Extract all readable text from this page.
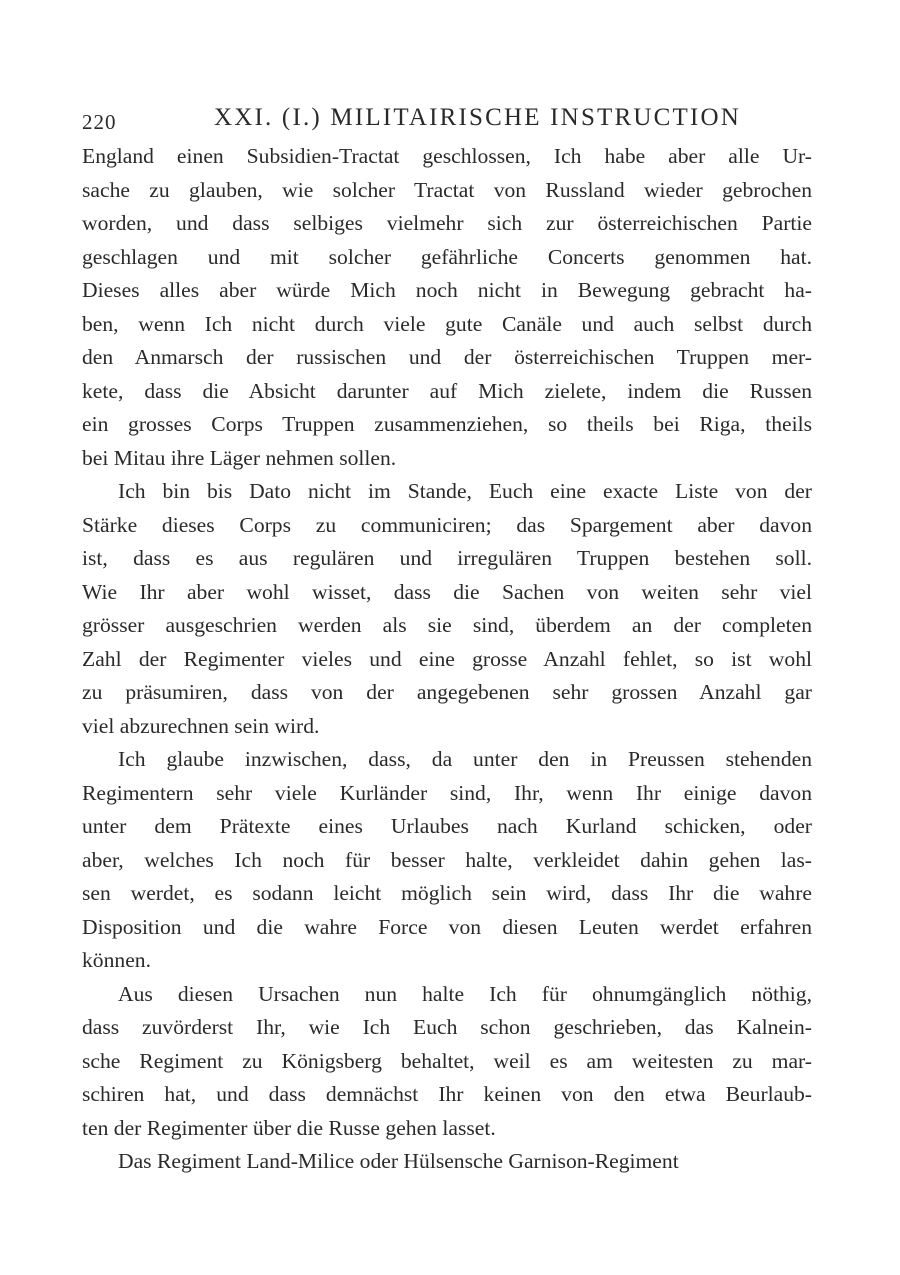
220	XXI. (I.) MILITAIRISCHE INSTRUCTION
England einen Subsidien-Tractat geschlossen, Ich habe aber alle Ur-
sache zu glauben, wie solcher Tractat von Russland wieder gebrochen
worden, und dass selbiges vielmehr sich zur österreichischen Partie
geschlagen und mit solcher gefährliche Concerts genommen hat.
Dieses alles aber würde Mich noch nicht in Bewegung gebracht ha-
ben, wenn Ich nicht durch viele gute Canäle und auch selbst durch
den Anmarsch der russischen und der österreichischen Truppen mer-
kete, dass die Absicht darunter auf Mich zielete, indem die Russen
ein grosses Corps Truppen zusammenziehen, so theils bei Riga, theils
bei Mitau ihre Läger nehmen sollen.
Ich bin bis Dato nicht im Stande, Euch eine exacte Liste von der
Stärke dieses Corps zu communiciren; das Spargement aber davon
ist, dass es aus regulären und irregulären Truppen bestehen soll.
Wie Ihr aber wohl wisset, dass die Sachen von weiten sehr viel
grösser ausgeschrien werden als sie sind, überdem an der completen
Zahl der Regimenter vieles und eine grosse Anzahl fehlet, so ist wohl
zu präsumiren, dass von der angegebenen sehr grossen Anzahl gar
viel abzurechnen sein wird.
Ich glaube inzwischen, dass, da unter den in Preussen stehenden
Regimentern sehr viele Kurländer sind, Ihr, wenn Ihr einige davon
unter dem Prätexte eines Urlaubes nach Kurland schicken, oder
aber, welches Ich noch für besser halte, verkleidet dahin gehen las-
sen werdet, es sodann leicht möglich sein wird, dass Ihr die wahre
Disposition und die wahre Force von diesen Leuten werdet erfahren
können.
Aus diesen Ursachen nun halte Ich für ohnumgänglich nöthig,
dass zuvörderst Ihr, wie Ich Euch schon geschrieben, das Kalnein-
sche Regiment zu Königsberg behaltet, weil es am weitesten zu mar-
schiren hat, und dass demnächst Ihr keinen von den etwa Beurlaub-
ten der Regimenter über die Russe gehen lasset.
Das Regiment Land-Milice oder Hülsensche Garnison-Regiment
